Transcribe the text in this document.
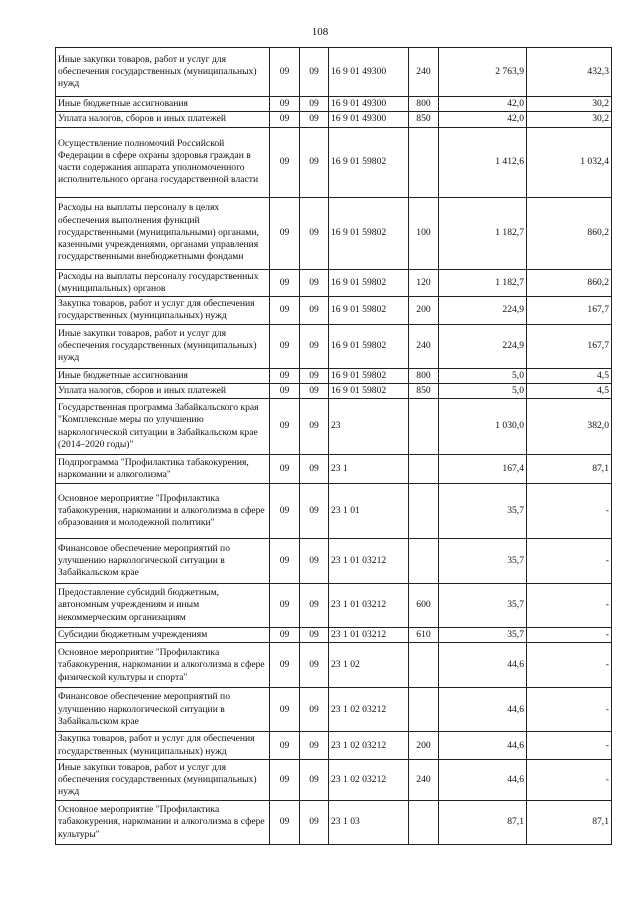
108
Иные закупки товаров, работ и услуг для обеспечения государственных (муниципальных) нужд	09	09	16 9 01 49300	240	2 763,9	432,3
Иные бюджетные ассигнования	09	09	16 9 01 49300	800	42,0	30,2
Уплата налогов, сборов и иных платежей	09	09	16 9 01 49300	850	42,0	30,2
Осуществление полномочий Российской Федерации в сфере охраны здоровья граждан в части содержания аппарата уполномоченного исполнительного органа государственной власти	09	09	16 9 01 59802		1 412,6	1 032,4
Расходы на выплаты персоналу в целях обеспечения выполнения функций государственными (муниципальными) органами, казенными учреждениями, органами управления государственными внебюджетными фондами	09	09	16 9 01 59802	100	1 182,7	860,2
Расходы на выплаты персоналу государственных (муниципальных) органов	09	09	16 9 01 59802	120	1 182,7	860,2
Закупка товаров, работ и услуг для обеспечения государственных (муниципальных) нужд	09	09	16 9 01 59802	200	224,9	167,7
Иные закупки товаров, работ и услуг для обеспечения государственных (муниципальных) нужд	09	09	16 9 01 59802	240	224,9	167,7
Иные бюджетные ассигнования	09	09	16 9 01 59802	800	5,0	4,5
Уплата налогов, сборов и иных платежей	09	09	16 9 01 59802	850	5,0	4,5
Государственная программа Забайкальского края "Комплексные меры по улучшению наркологической ситуации в Забайкальском крае (2014–2020 годы)"	09	09	23		1 030,0	382,0
Подпрограмма "Профилактика табакокурения, наркомании и алкоголизма"	09	09	23 1		167,4	87,1
Основное мероприятие "Профилактика табакокурения, наркомании и алкоголизма в сфере образования и молодежной политики"	09	09	23 1 01		35,7	-
Финансовое обеспечение мероприятий по улучшению наркологической ситуации в Забайкальском крае	09	09	23 1 01 03212		35,7	-
Предоставление субсидий бюджетным, автономным учреждениям и иным некоммерческим организациям	09	09	23 1 01 03212	600	35,7	-
Субсидии бюджетным учреждениям	09	09	23 1 01 03212	610	35,7	-
Основное мероприятие "Профилактика табакокурения, наркомании и алкоголизма в сфере физической культуры и спорта"	09	09	23 1 02		44,6	-
Финансовое обеспечение мероприятий по улучшению наркологической ситуации в Забайкальском крае	09	09	23 1 02 03212		44,6	-
Закупка товаров, работ и услуг для обеспечения государственных (муниципальных) нужд	09	09	23 1 02 03212	200	44,6	-
Иные закупки товаров, работ и услуг для обеспечения государственных (муниципальных) нужд	09	09	23 1 02 03212	240	44,6	-
Основное мероприятие "Профилактика табакокурения, наркомании и алкоголизма в сфере культуры"	09	09	23 1 03		87,1	87,1
